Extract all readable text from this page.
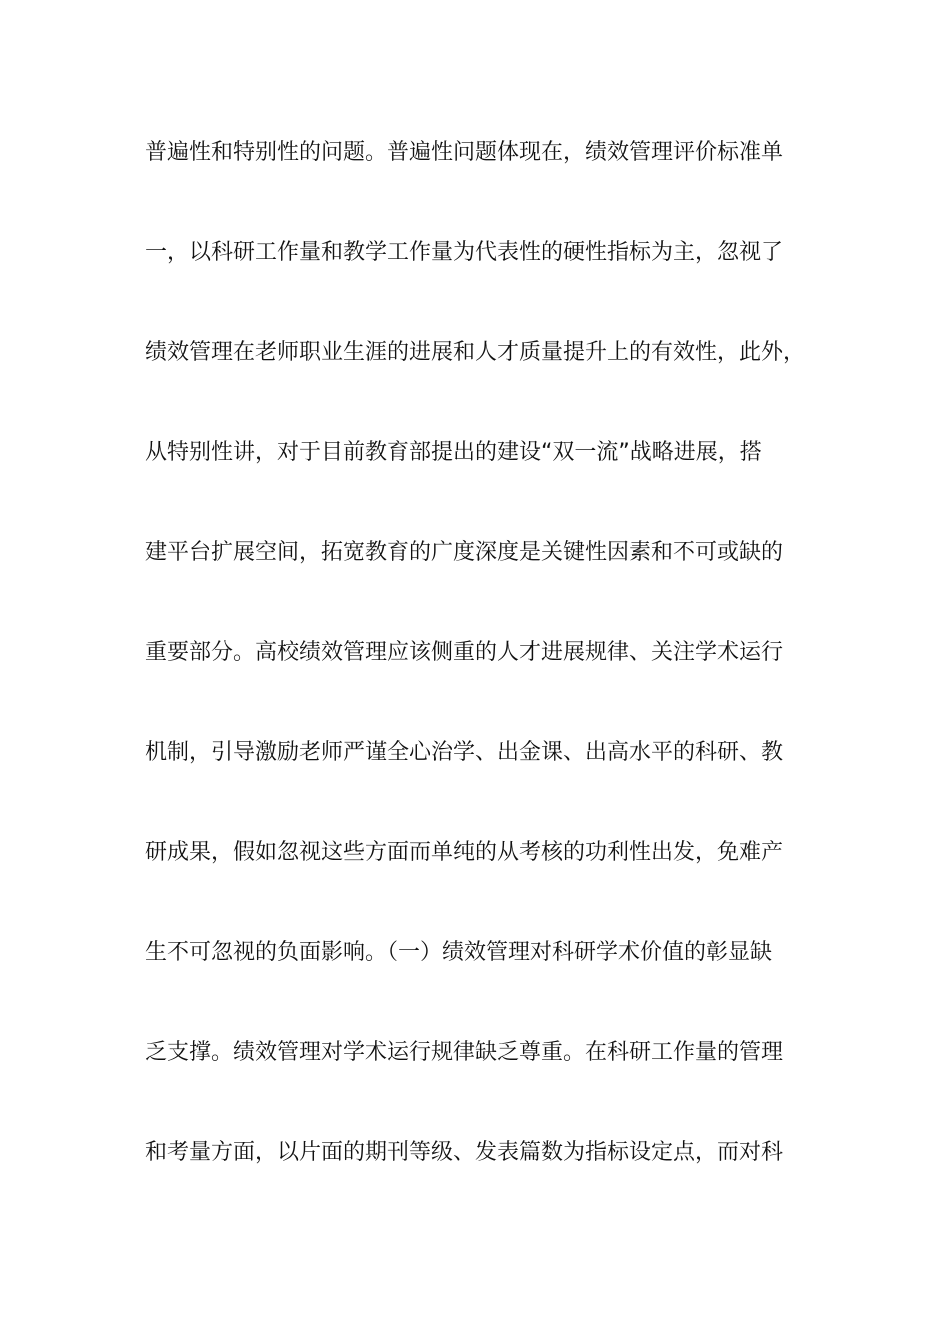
普遍性和特别性的问题。普遍性问题体现在，绩效管理评价标准单
一，以科研工作量和教学工作量为代表性的硬性指标为主，忽视了
绩效管理在老师职业生涯的进展和人才质量提升上的有效性，此外，
从特别性讲，对于目前教育部提出的建设“双一流”战略进展，搭
建平台扩展空间，拓宽教育的广度深度是关键性因素和不可或缺的
重要部分。高校绩效管理应该侧重的人才进展规律、关注学术运行
机制，引导激励老师严谨全心治学、出金课、出高水平的科研、教
研成果，假如忽视这些方面而单纯的从考核的功利性出发，免难产
生不可忽视的负面影响。（一）绩效管理对科研学术价值的彰显缺
乏支撑。绩效管理对学术运行规律缺乏尊重。在科研工作量的管理
和考量方面，以片面的期刊等级、发表篇数为指标设定点，而对科
